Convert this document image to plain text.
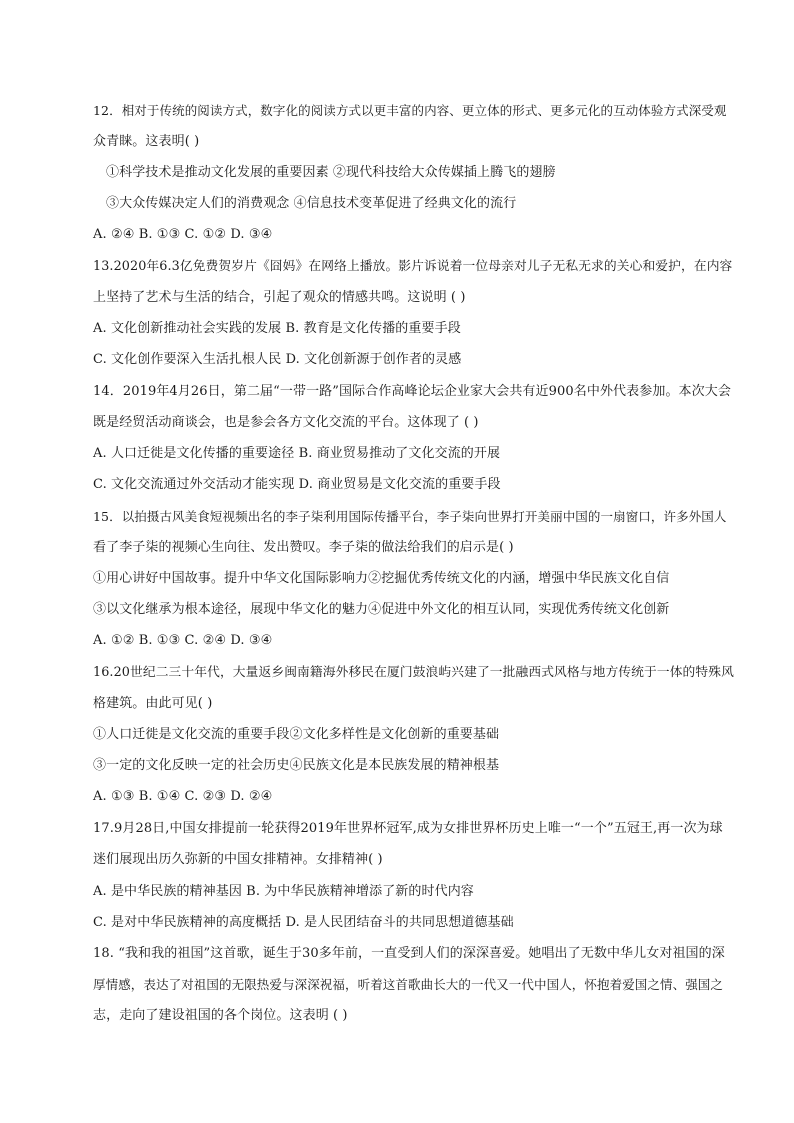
12．相对于传统的阅读方式，数字化的阅读方式以更丰富的内容、更立体的形式、更多元化的互动体验方式深受观
众青睐。这表明( )
①科学技术是推动文化发展的重要因素 ②现代科技给大众传媒插上腾飞的翅膀
③大众传媒决定人们的消费观念 ④信息技术变革促进了经典文化的流行
A. ②④ B. ①③ C. ①② D. ③④
13.2020年6.3亿免费贺岁片《囧妈》在网络上播放。影片诉说着一位母亲对儿子无私无求的关心和爱护，在内容
上坚持了艺术与生活的结合，引起了观众的情感共鸣。这说明 ( )
A. 文化创新推动社会实践的发展 B. 教育是文化传播的重要手段
C. 文化创作要深入生活扎根人民 D. 文化创新源于创作者的灵感
14．2019年4月26日，第二届“一带一路”国际合作高峰论坛企业家大会共有近900名中外代表参加。本次大会
既是经贸活动商谈会，也是参会各方文化交流的平台。这体现了 ( )
A. 人口迁徙是文化传播的重要途径 B. 商业贸易推动了文化交流的开展
C. 文化交流通过外交活动才能实现 D. 商业贸易是文化交流的重要手段
15．以拍摄古风美食短视频出名的李子柒利用国际传播平台，李子柒向世界打开美丽中国的一扇窗口，许多外国人
看了李子柒的视频心生向往、发出赞叹。李子柒的做法给我们的启示是( )
①用心讲好中国故事。提升中华文化国际影响力②挖掘优秀传统文化的内涵，增强中华民族文化自信
③以文化继承为根本途径，展现中华文化的魅力④促进中外文化的相互认同，实现优秀传统文化创新
A. ①② B. ①③ C. ②④ D. ③④
16.20世纪二三十年代，大量返乡闽南籍海外移民在厦门鼓浪屿兴建了一批融西式风格与地方传统于一体的特殊风
格建筑。由此可见( )
①人口迁徙是文化交流的重要手段②文化多样性是文化创新的重要基础
③一定的文化反映一定的社会历史④民族文化是本民族发展的精神根基
A. ①③ B. ①④ C. ②③ D. ②④
17.9月28日,中国女排提前一轮获得2019年世界杯冠军,成为女排世界杯历史上唯一“一个”五冠王,再一次为球
迷们展现出历久弥新的中国女排精神。女排精神( )
A. 是中华民族的精神基因 B. 为中华民族精神增添了新的时代内容
C. 是对中华民族精神的高度概括 D. 是人民团结奋斗的共同思想道德基础
18. “我和我的祖国”这首歌，诞生于30多年前，一直受到人们的深深喜爱。她唱出了无数中华儿女对祖国的深
厚情感，表达了对祖国的无限热爱与深深祝福，听着这首歌曲长大的一代又一代中国人，怀抱着爱国之情、强国之
志，走向了建设祖国的各个岗位。这表明 ( )
